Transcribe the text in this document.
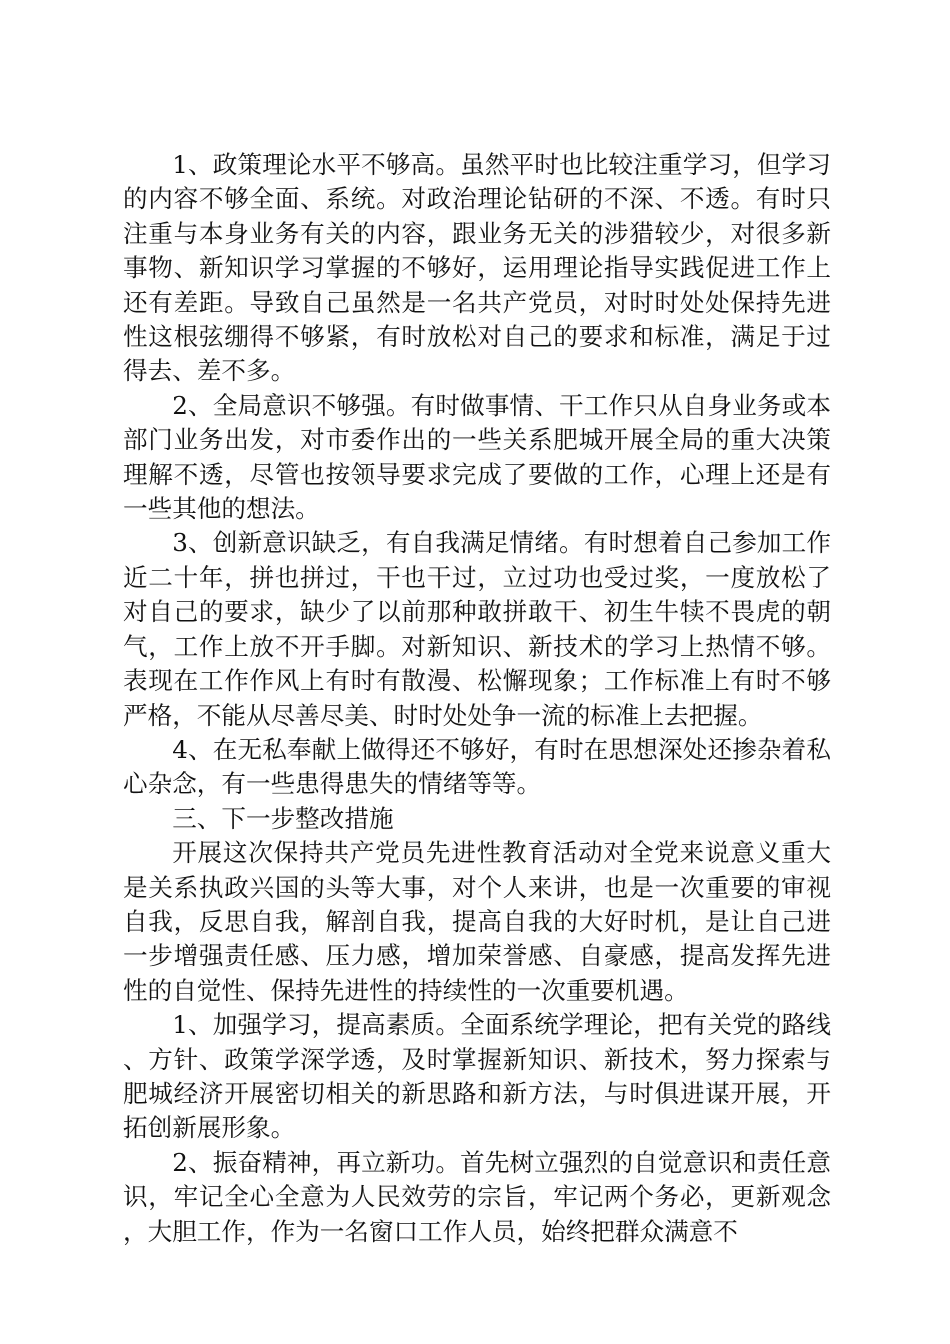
1、政策理论水平不够高。虽然平时也比较注重学习，但学习的内容不够全面、系统。对政治理论钻研的不深、不透。有时只注重与本身业务有关的内容，跟业务无关的涉猎较少，对很多新事物、新知识学习掌握的不够好，运用理论指导实践促进工作上还有差距。导致自己虽然是一名共产党员，对时时处处保持先进性这根弦绷得不够紧，有时放松对自己的要求和标准，满足于过得去、差不多。

2、全局意识不够强。有时做事情、干工作只从自身业务或本部门业务出发，对市委作出的一些关系肥城开展全局的重大决策理解不透，尽管也按领导要求完成了要做的工作，心理上还是有一些其他的想法。

3、创新意识缺乏，有自我满足情绪。有时想着自己参加工作近二十年，拼也拼过，干也干过，立过功也受过奖，一度放松了对自己的要求，缺少了以前那种敢拼敢干、初生牛犊不畏虎的朝气，工作上放不开手脚。对新知识、新技术的学习上热情不够。表现在工作作风上有时有散漫、松懈现象；工作标准上有时不够严格，不能从尽善尽美、时时处处争一流的标准上去把握。

4、在无私奉献上做得还不够好，有时在思想深处还掺杂着私心杂念，有一些患得患失的情绪等等。

三、下一步整改措施

开展这次保持共产党员先进性教育活动对全党来说意义重大是关系执政兴国的头等大事，对个人来讲，也是一次重要的审视自我，反思自我，解剖自我，提高自我的大好时机，是让自己进一步增强责任感、压力感，增加荣誉感、自豪感，提高发挥先进性的自觉性、保持先进性的持续性的一次重要机遇。

1、加强学习，提高素质。全面系统学理论，把有关党的路线、方针、政策学深学透，及时掌握新知识、新技术，努力探索与肥城经济开展密切相关的新思路和新方法，与时俱进谋开展，开拓创新展形象。

2、振奋精神，再立新功。首先树立强烈的自觉意识和责任意识，牢记全心全意为人民效劳的宗旨，牢记两个务必，更新观念，大胆工作，作为一名窗口工作人员，始终把群众满意不
